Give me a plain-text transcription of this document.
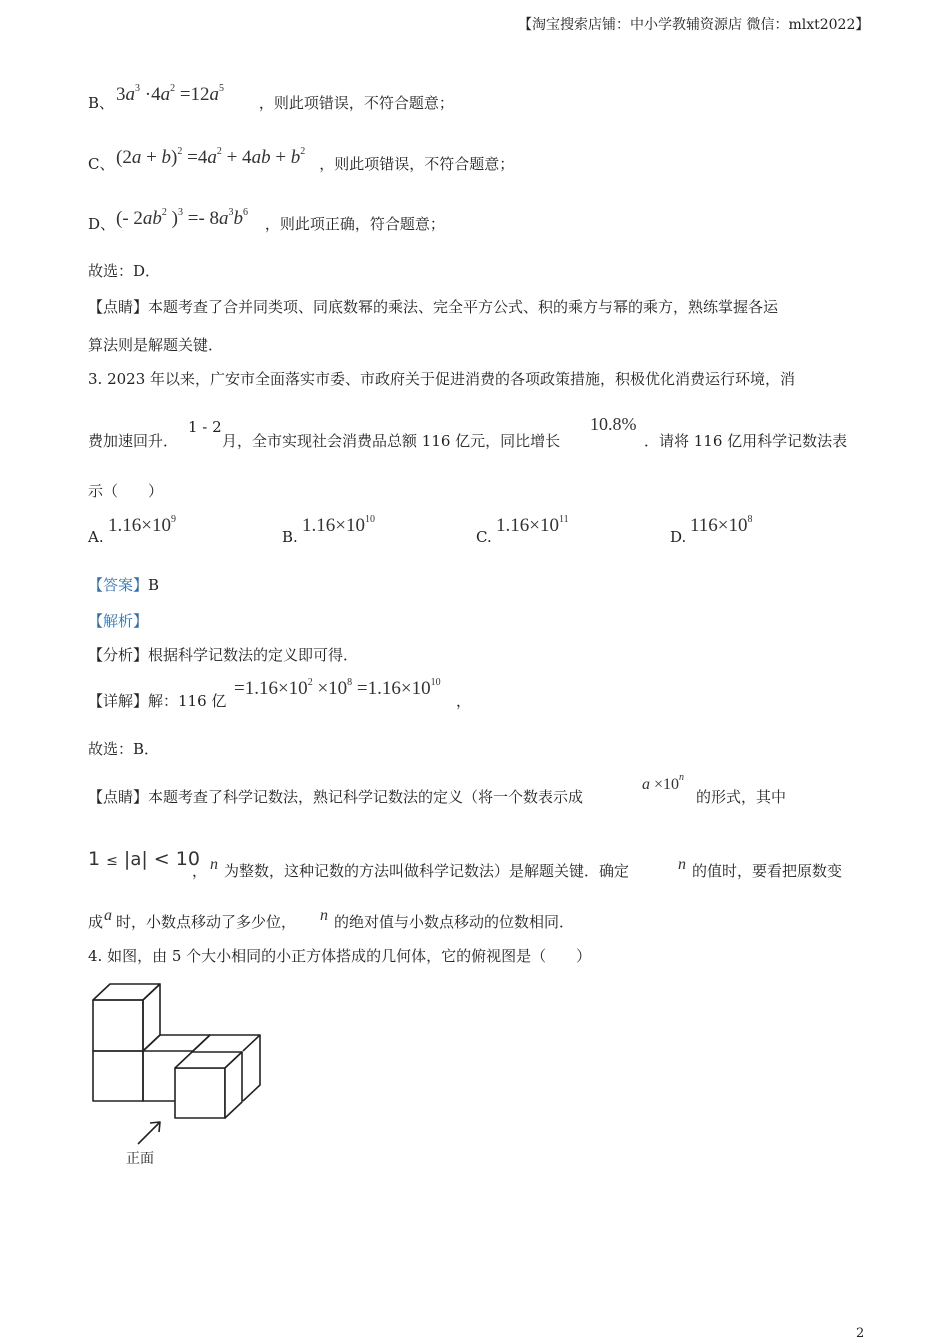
【淘宝搜索店铺：中小学教辅资源店 微信：mlxt2022】
B、 $3a^3 \cdot 4a^2 =12a^5$
，则此项错误，不符合题意；
C、 $(2a + b)^2 =4a^2 + 4ab + b^2$
，则此项错误，不符合题意；
D、 (- $2ab^2$ )$^3 =- 8a^3b^6$
，则此项正确，符合题意；
故选：D．
【点睛】本题考查了合并同类项、同底数幂的乘法、完全平方公式、积的乘方与幂的乘方，熟练掌握各运
算法则是解题关键．
3. 2023 年以来，广安市全面落实市委、市政府关于促进消费的各项政策措施，积极优化消费运行环境，消
费加速回升．
1 - 2
月，全市实现社会消费品总额 116 亿元，同比增长
10.8%
．请将 116 亿用科学记数法表
示（　　）
A.
$1.16\times 10^9$
B.
$1.16\times 10^{10}$
C.
$1.16\times 10^{11}$
D.
$116\times 10^8$
【答案】B
【解析】
【分析】根据科学记数法的定义即可得．
【详解】解：116 亿
$=1.16\times 10^2 \times 10^8 =1.16\times 10^{10}$
，
故选：B．
【点睛】本题考查了科学记数法，熟记科学记数法的定义（将一个数表示成
$a \times 10^n$
的形式，其中
1 ≤ |a| < 10
， n 为整数，这种记数的方法叫做科学记数法）是解题关键．确定	n 的值时，要看把原数变
成 a 时，小数点移动了多少位， n 的绝对值与小数点移动的位数相同．
4. 如图，由 5 个大小相同的小正方体搭成的几何体，它的俯视图是（　　）
正面
2
